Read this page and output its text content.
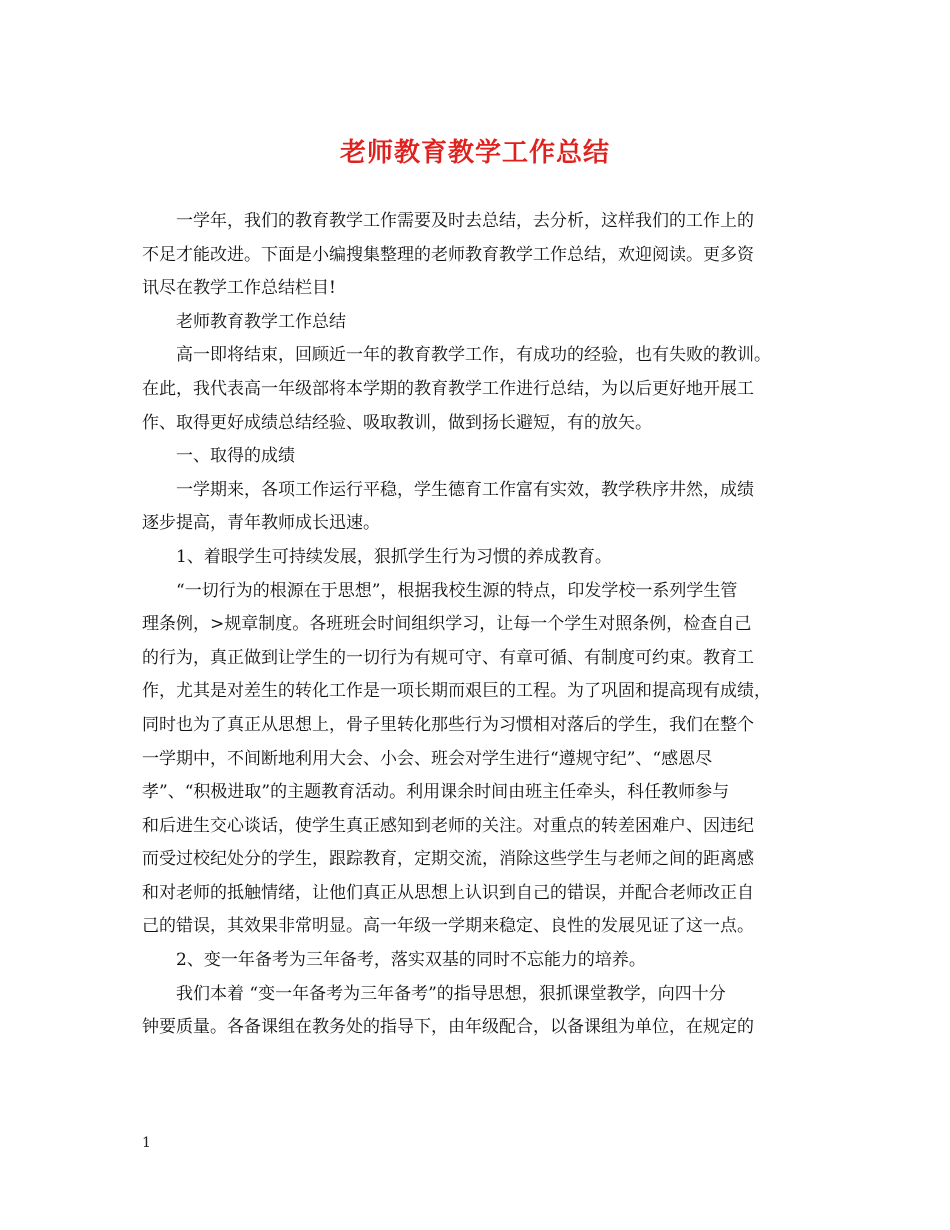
老师教育教学工作总结
一学年，我们的教育教学工作需要及时去总结，去分析，这样我们的工作上的
不足才能改进。下面是小编搜集整理的老师教育教学工作总结，欢迎阅读。更多资
讯尽在教学工作总结栏目!
老师教育教学工作总结
高一即将结束，回顾近一年的教育教学工作，有成功的经验，也有失败的教训。
在此，我代表高一年级部将本学期的教育教学工作进行总结，为以后更好地开展工
作、取得更好成绩总结经验、吸取教训，做到扬长避短，有的放矢。
一、取得的成绩
一学期来，各项工作运行平稳，学生德育工作富有实效，教学秩序井然，成绩
逐步提高，青年教师成长迅速。
1、着眼学生可持续发展，狠抓学生行为习惯的养成教育。
“一切行为的根源在于思想”，根据我校生源的特点，印发学校一系列学生管
理条例，>规章制度。各班班会时间组织学习，让每一个学生对照条例，检查自己
的行为，真正做到让学生的一切行为有规可守、有章可循、有制度可约束。教育工
作，尤其是对差生的转化工作是一项长期而艰巨的工程。为了巩固和提高现有成绩，
同时也为了真正从思想上，骨子里转化那些行为习惯相对落后的学生，我们在整个
一学期中，不间断地利用大会、小会、班会对学生进行“遵规守纪”、“感恩尽
孝”、“积极进取”的主题教育活动。利用课余时间由班主任牵头，科任教师参与
和后进生交心谈话，使学生真正感知到老师的关注。对重点的转差困难户、因违纪
而受过校纪处分的学生，跟踪教育，定期交流，消除这些学生与老师之间的距离感
和对老师的抵触情绪，让他们真正从思想上认识到自己的错误，并配合老师改正自
己的错误，其效果非常明显。高一年级一学期来稳定、良性的发展见证了这一点。
2、变一年备考为三年备考，落实双基的同时不忘能力的培养。
我们本着 “变一年备考为三年备考”的指导思想，狠抓课堂教学，向四十分
钟要质量。各备课组在教务处的指导下，由年级配合，以备课组为单位，在规定的
1
